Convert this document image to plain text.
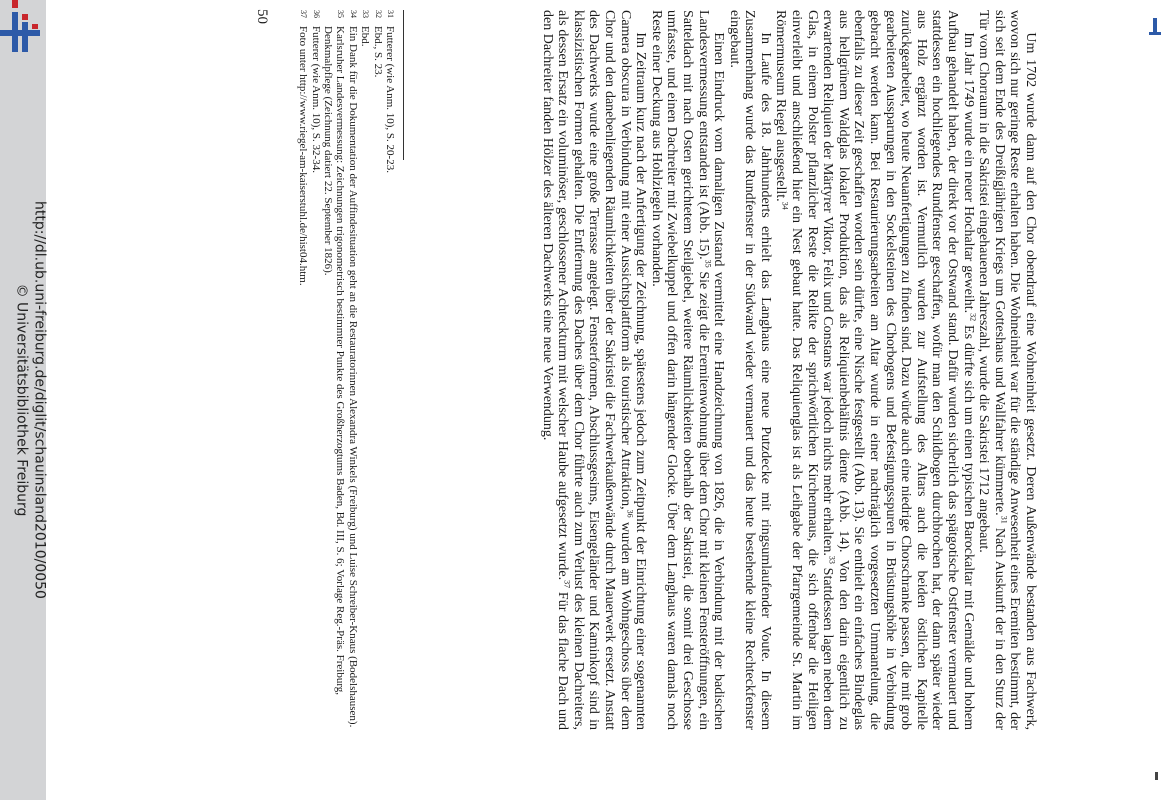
http://dl.ub.uni-freiburg.de/diglit/schauinsland2010/0050
© Universitätsbibliothek Freiburg	Um 1702 wurde dann auf den Chor obendrauf eine Wohneinheit gesetzt. Deren Außenwände bestanden aus Fachwerk, wovon sich nur geringe Reste erhalten haben. Die Wohneinheit war für die ständige Anwesenheit eines Eremiten bestimmt, der sich seit dem Ende des Dreißigjährigen Kriegs um Gotteshaus und Wallfahrer kümmerte.$^{31}$ Nach Auskunft der in den Sturz der Tür vom Chorraum in die Sakristei eingehauenen Jahreszahl, wurde die Sakristei 1712 angebaut.

Im Jahr 1749 wurde ein neuer Hochaltar geweiht.$^{32}$ Es dürfte sich um einen typischen Barockaltar mit Gemälde und hohem Aufbau gehandelt haben, der direkt vor der Ostwand stand. Dafür wurden sicherlich das spätgotische Ostfenster vermauert und stattdessen ein hochliegendes Rundfenster geschaffen, wofür man den Schildbogen durchbrochen hat, der dann später wieder aus Holz ergänzt worden ist. Vermutlich wurden zur Aufstellung des Altars auch die beiden östlichen Kapitelle zurückgearbeitet, wo heute Neuanfertigungen zu finden sind. Dazu würde auch eine niedrige Chorschranke passen, die mit grob gearbeiteten Aussparungen in den Sockelsteinen des Chorbogens und Befestigungsspuren in Brüstungshöhe in Verbindung gebracht werden kann. Bei Restaurierungsarbeiten am Altar wurde in einer nachträglich vorgesetzten Ummantelung, die ebenfalls zu dieser Zeit geschaffen worden sein dürfte, eine Nische festgestellt (Abb. 13). Sie enthielt ein einfaches Bindeglas aus hellgrünem Waldglas lokaler Produktion, das als Reliquienbehältnis diente (Abb. 14). Von den darin eigentlich zu erwartenden Reliquien der Märtyrer Viktor, Felix und Constans war jedoch nichts mehr erhalten.$^{33}$ Stattdessen lagen neben dem Glas, in einem Polster pflanzlicher Reste die Reliktе der sprichwörtlichen Kirchenmaus, die sich offenbar die Heiligen einverleibt und anschließend hier ein Nest gebaut hatte. Das Reliquienglas ist als Leihgabe der Pfarrgemeinde St. Martin im Römermuseum Riegel ausgestellt.$^{34}$

In Laufe des 18. Jahrhunderts erhielt das Langhaus eine neue Putzdecke mit ringsumlaufender Voute. In diesem Zusammenhang wurde das Rundfenster in der Südwand wieder vermauert und das heute bestehende kleine Rechteckfenster eingebaut.

Einen Eindruck vom damaligen Zustand vermittelt eine Handzeichnung von 1826, die in Verbindung mit der badischen Landesvermessung entstanden ist (Abb. 15).$^{35}$ Sie zeigt die Eremitenwohnung über dem Chor mit kleinen Fensteröffnungen, ein Satteldach mit nach Osten gerichtetem Steilgiebel, weitere Räumlichkeiten oberhalb der Sakristei, die somit drei Geschosse umfasste, und einen Dachreiter mit Zwiebelkuppel und offen darin hängender Glocke. Über dem Langhaus waren damals noch Reste einer Deckung aus Hohlziegeln vorhanden.

Im Zeitraum kurz nach der Anfertigung der Zeichnung, spätestens jedoch zum Zeitpunkt der Einrichtung einer sogenannten Camera obscura in Verbindung mit einer Aussichtsplattform als touristischer Attraktion,$^{36}$ wurden am Wohngeschoss über dem Chor und den danebenliegenden Räumlichkeiten über der Sakristei die Fachwerkaußenwände durch Mauerwerk ersetzt. Anstatt des Dachwerks wurde eine große Terrasse angelegt. Fensterformen, Abschlussgesims, Eisengeländer und Kaminkopf sind in klassizistischen Formen gehalten. Die Entfernung des Daches über dem Chor führte auch zum Verlust des kleinen Dachreiters, als dessen Ersatz ein voluminöser, geschlossener Achteckturm mit welscher Haube aufgesetzt wurde.$^{37}$ Für das flache Dach und den Dachreiter fanden Hölzer des älteren Dachwerks eine neue Verwendung.

31
Futterer (wie Anm. 10), S. 20-23.
32
Ebd., S. 23.
33
Ebd.
34
Ein Dank für die Dokumentation der Auffindesituation geht an die Restauratorinnen Alexandra Winkels (Freiburg) und Luise Schreiber-Knaus (Bodelshausen).
35
Karlsruher Landesvermessung: Zeichnungen trigonometrisch bestimmter Punkte des Großherzogtums Baden, Bd. III, S. 6; Vorlage Reg.-Präs. Freiburg, Denkmalpflege (Zeichnung datiert 22. September 1826).
36
Futterer (wie Anm. 10), S. 32-34.
37
Foto unter http://www.riegel-am-kaiserstuhl.de/hist04.htm.
50
